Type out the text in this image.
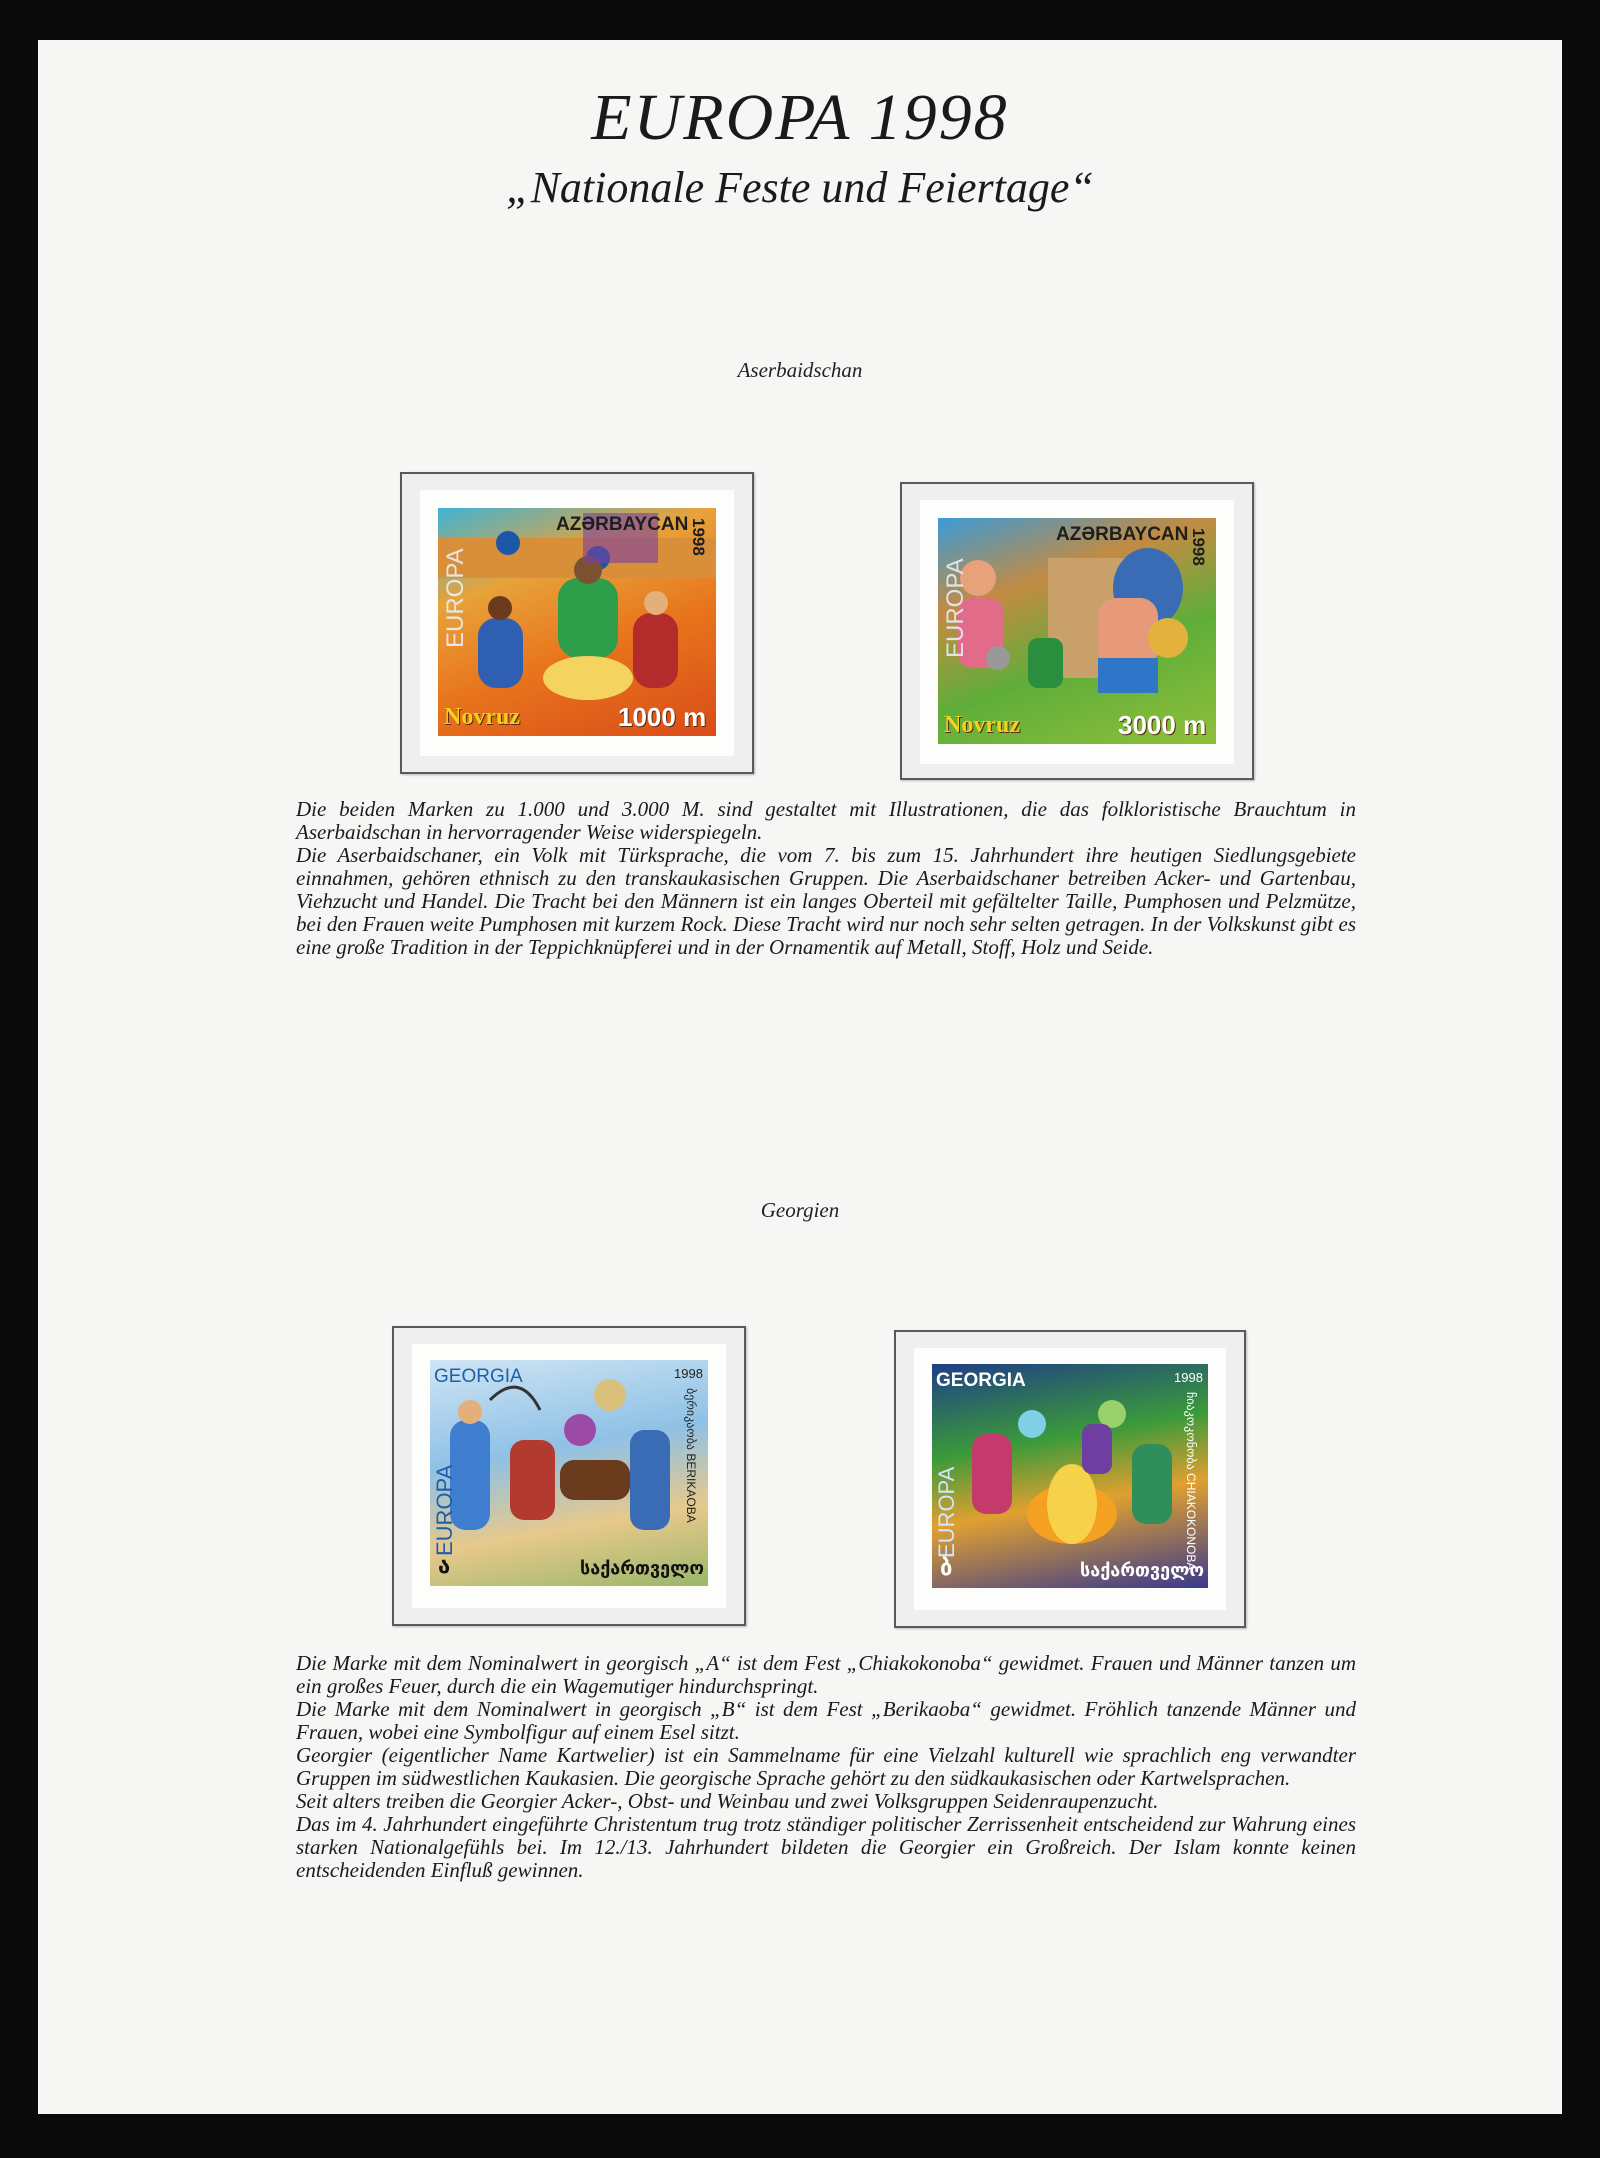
EUROPA 1998
„Nationale Feste und Feiertage“
Aserbaidschan
EUROPA
AZƏRBAYCAN 1998
Novruz	1000 m
EUROPA
AZƏRBAYCAN 1998
Novruz	3000 m

Die beiden Marken zu 1.000 und 3.000 M. sind gestaltet mit Illustrationen, die das folkloristische Brauchtum in Aserbaidschan in hervorragender Weise widerspiegeln.

Die Aserbaidschaner, ein Volk mit Türksprache, die vom 7. bis zum 15. Jahrhundert ihre heutigen Siedlungsgebiete einnahmen, gehören ethnisch zu den transkaukasischen Gruppen. Die Aserbaidschaner betreiben Acker- und Gartenbau, Viehzucht und Handel. Die Tracht bei den Männern ist ein langes Oberteil mit gefältelter Taille, Pumphosen und Pelzmütze, bei den Frauen weite Pumphosen mit kurzem Rock. Diese Tracht wird nur noch sehr selten getragen. In der Volkskunst gibt es eine große Tradition in der Teppichknüpferei und in der Ornamentik auf Metall, Stoff, Holz und Seide.

Georgien
GEORGIA	1998
ბერიკაობა BERIKAOBA
EUROPA
საქართველო
ა
GEORGIA	1998
ჩიაკოკონობა CHIAKOKONOBA
EUROPA
საქართველო
ბ

Die Marke mit dem Nominalwert in georgisch „A“ ist dem Fest „Chiakokonoba“ gewidmet. Frauen und Männer tanzen um ein großes Feuer, durch die ein Wagemutiger hindurchspringt.

Die Marke mit dem Nominalwert in georgisch „B“ ist dem Fest „Berikaoba“ gewidmet. Fröhlich tanzende Männer und Frauen, wobei eine Symbolfigur auf einem Esel sitzt.

Georgier (eigentlicher Name Kartwelier) ist ein Sammelname für eine Vielzahl kulturell wie sprachlich eng verwandter Gruppen im südwestlichen Kaukasien. Die georgische Sprache gehört zu den südkaukasischen oder Kartwelsprachen.

Seit alters treiben die Georgier Acker-, Obst- und Weinbau und zwei Volksgruppen Seidenraupenzucht.

Das im 4. Jahrhundert eingeführte Christentum trug trotz ständiger politischer Zerrissenheit entscheidend zur Wahrung eines starken Nationalgefühls bei. Im 12./13. Jahrhundert bildeten die Georgier ein Großreich. Der Islam konnte keinen entscheidenden Einfluß gewinnen.
